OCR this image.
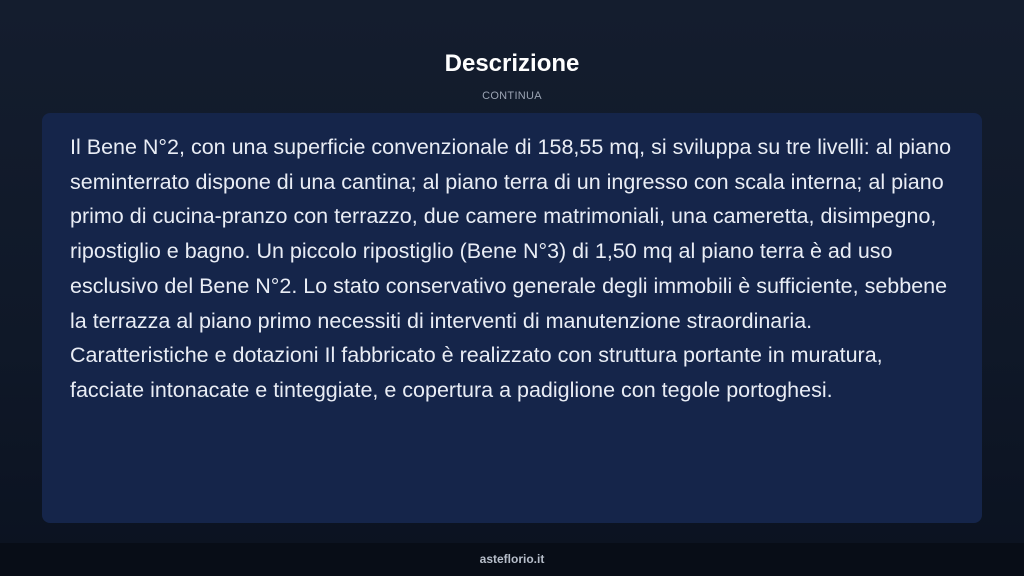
Descrizione
CONTINUA

Il Bene N°2, con una superficie convenzionale di 158,55 mq, si sviluppa su tre livelli: al piano seminterrato dispone di una cantina; al piano terra di un ingresso con scala interna; al piano primo di cucina-pranzo con terrazzo, due camere matrimoniali, una cameretta, disimpegno, ripostiglio e bagno. Un piccolo ripostiglio (Bene N°3) di 1,50 mq al piano terra è ad uso esclusivo del Bene N°2. Lo stato conservativo generale degli immobili è sufficiente, sebbene la terrazza al piano primo necessiti di interventi di manutenzione straordinaria. Caratteristiche e dotazioni Il fabbricato è realizzato con struttura portante in muratura, facciate intonacate e tinteggiate, e copertura a padiglione con tegole portoghesi.

asteflorio.it
